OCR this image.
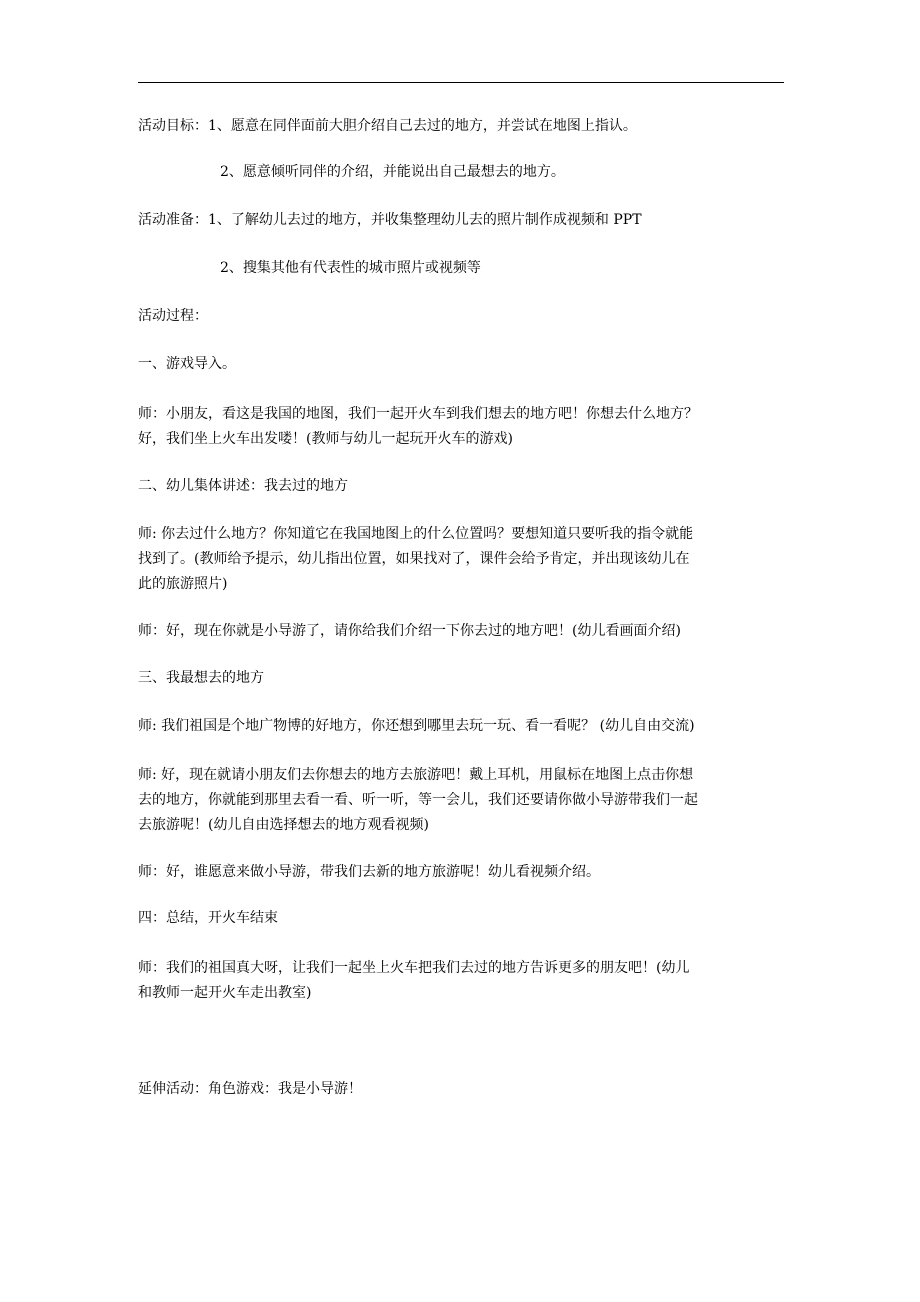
活动目标：1、愿意在同伴面前大胆介绍自己去过的地方，并尝试在地图上指认。
2、愿意倾听同伴的介绍，并能说出自己最想去的地方。
活动准备：1、了解幼儿去过的地方，并收集整理幼儿去的照片制作成视频和 PPT
2、搜集其他有代表性的城市照片或视频等
活动过程：
一、游戏导入。
师：小朋友，看这是我国的地图，我们一起开火车到我们想去的地方吧！你想去什么地方？
好，我们坐上火车出发喽！(教师与幼儿一起玩开火车的游戏)
二、幼儿集体讲述：我去过的地方
师: 你去过什么地方？你知道它在我国地图上的什么位置吗？要想知道只要听我的指令就能
找到了。(教师给予提示，幼儿指出位置，如果找对了，课件会给予肯定，并出现该幼儿在
此的旅游照片)
师：好，现在你就是小导游了，请你给我们介绍一下你去过的地方吧！(幼儿看画面介绍)
三、我最想去的地方
师: 我们祖国是个地广物博的好地方，你还想到哪里去玩一玩、看一看呢？ (幼儿自由交流)
师: 好，现在就请小朋友们去你想去的地方去旅游吧！戴上耳机，用鼠标在地图上点击你想
去的地方，你就能到那里去看一看、听一听，等一会儿，我们还要请你做小导游带我们一起
去旅游呢！(幼儿自由选择想去的地方观看视频)
师：好，谁愿意来做小导游，带我们去新的地方旅游呢！幼儿看视频介绍。
四：总结，开火车结束
师：我们的祖国真大呀，让我们一起坐上火车把我们去过的地方告诉更多的朋友吧！(幼儿
和教师一起开火车走出教室)
延伸活动：角色游戏：我是小导游！
